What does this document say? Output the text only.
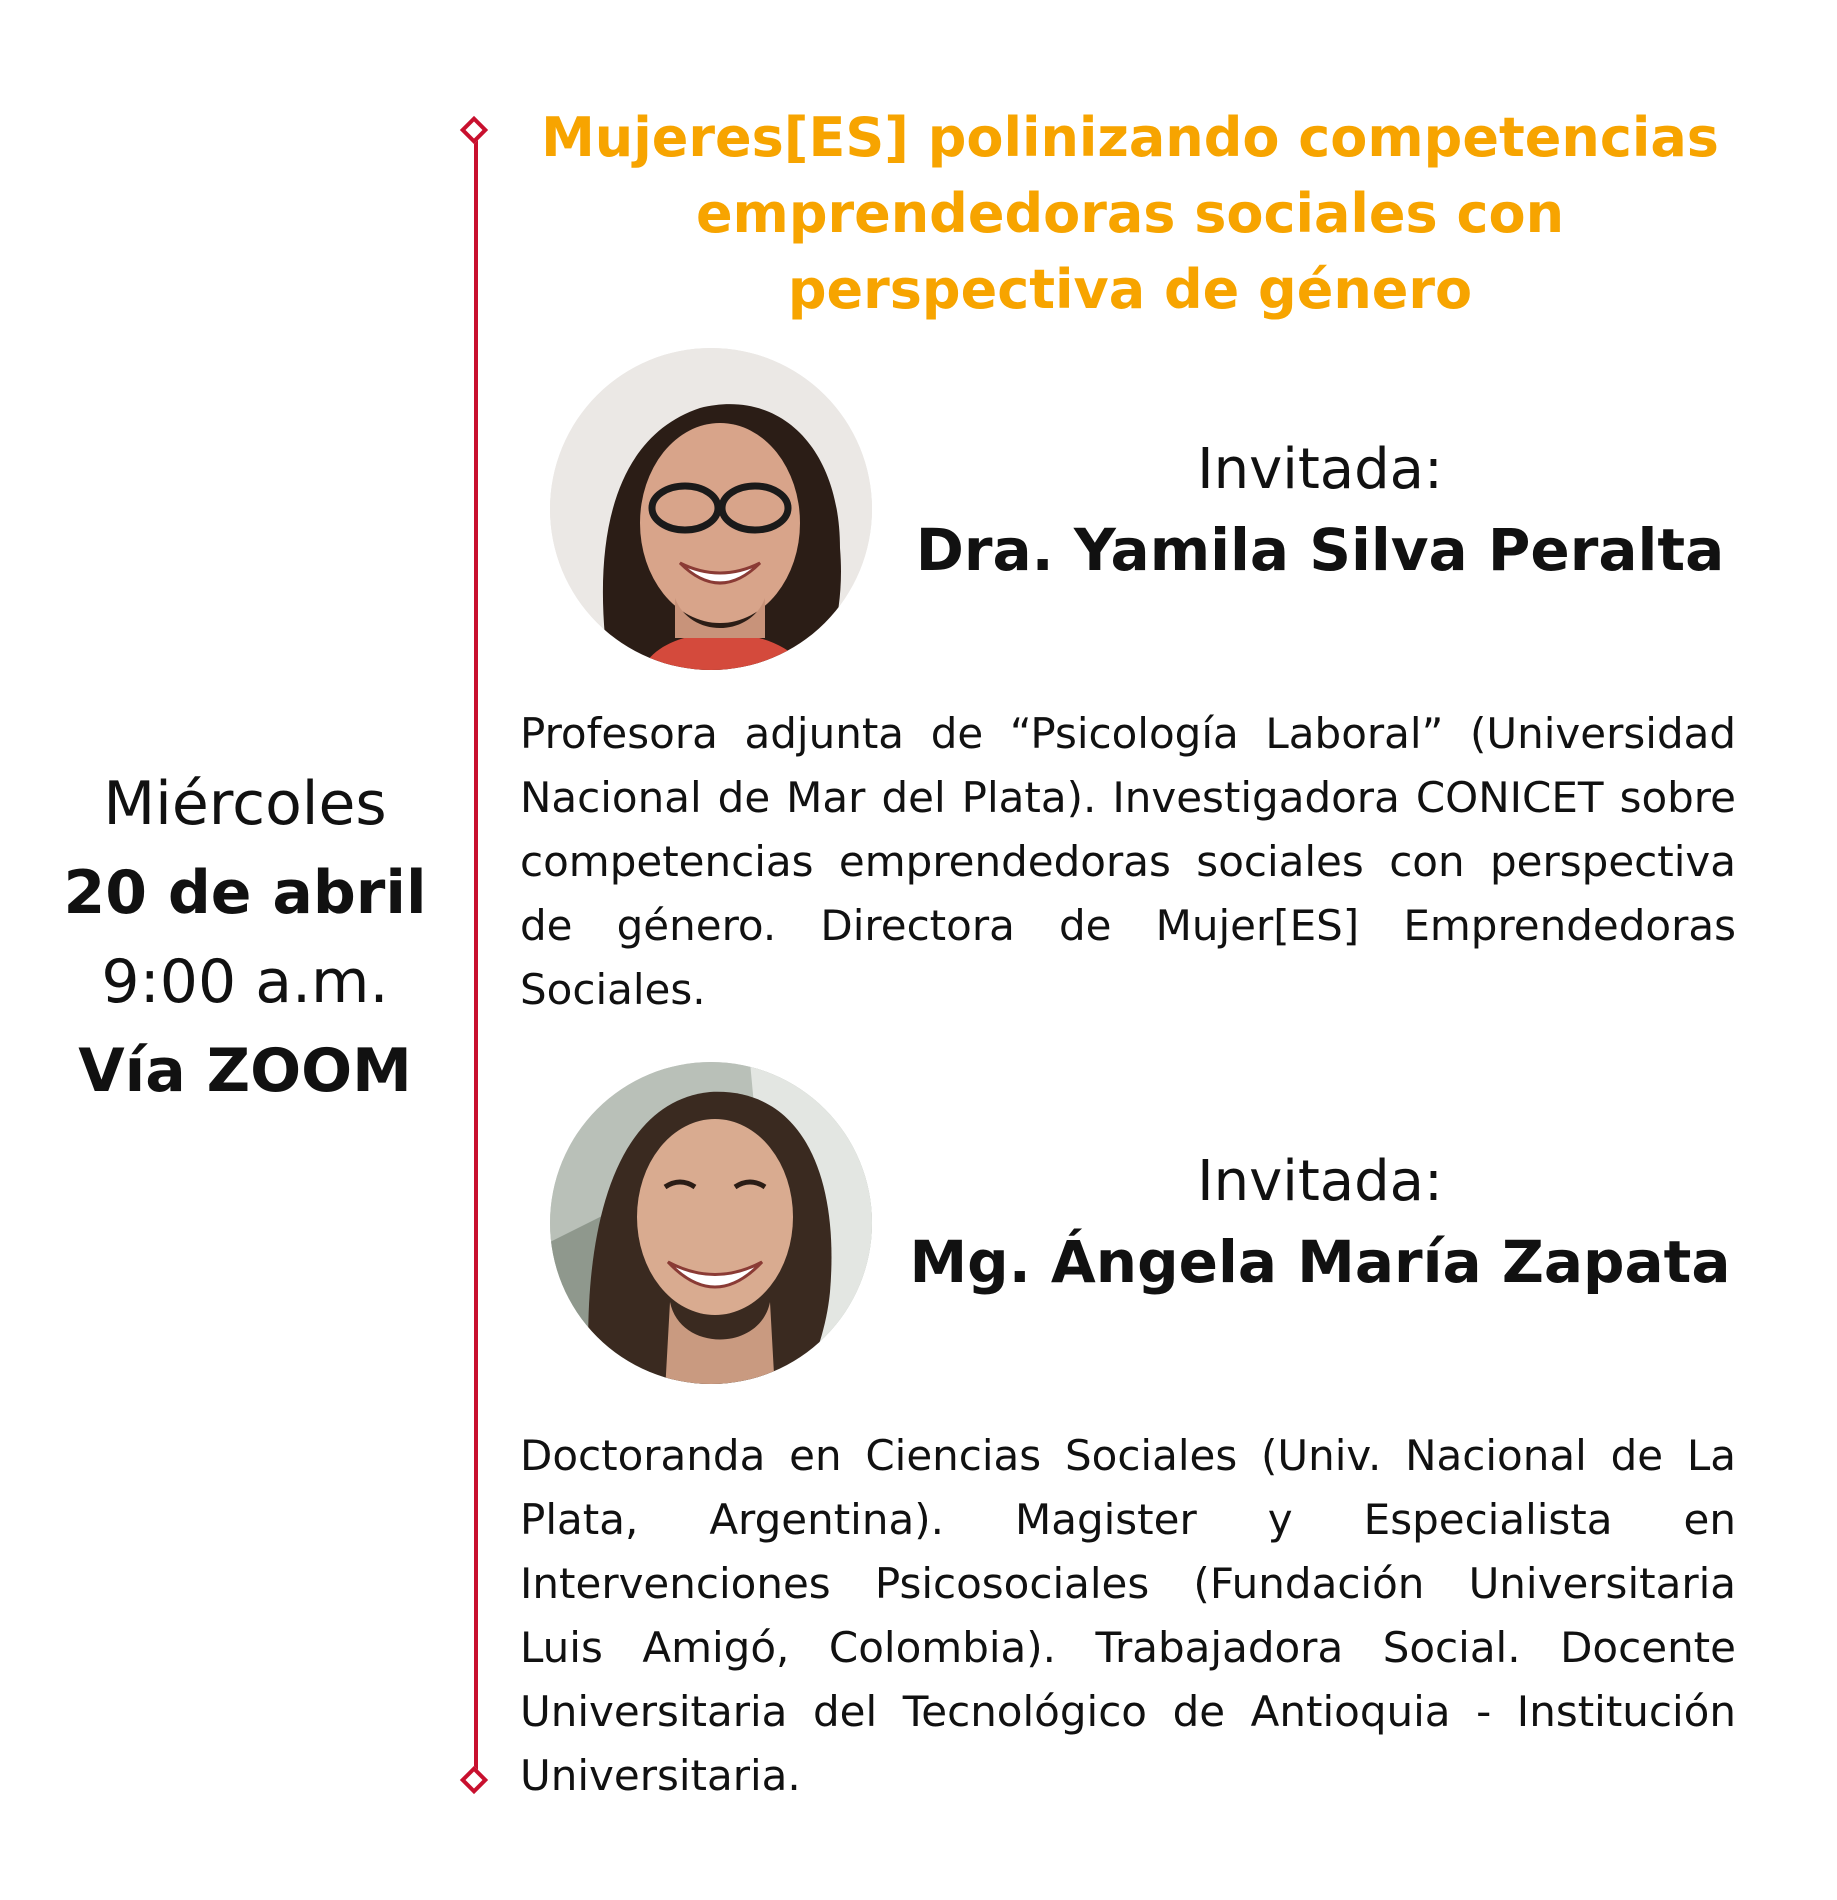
Mujeres[ES] polinizando competencias emprendedoras sociales con perspectiva de género
Miércoles
20 de abril
9:00 a.m.
Vía ZOOM
Invitada:
Dra. Yamila Silva Peralta
Profesora adjunta de “Psicología Laboral” (Universidad Nacional de Mar del Plata). Investigadora CONICET sobre competencias emprendedoras sociales con perspectiva de género. Directora de Mujer[ES] Emprendedoras Sociales.
Invitada:
Mg. Ángela María Zapata
Doctoranda en Ciencias Sociales (Univ. Nacional de La Plata, Argentina). Magister y Especialista en Intervenciones Psicosociales (Fundación Universitaria Luis Amigó, Colombia). Trabajadora Social. Docente Universitaria del Tecnológico de Antioquia - Institución Universitaria.
